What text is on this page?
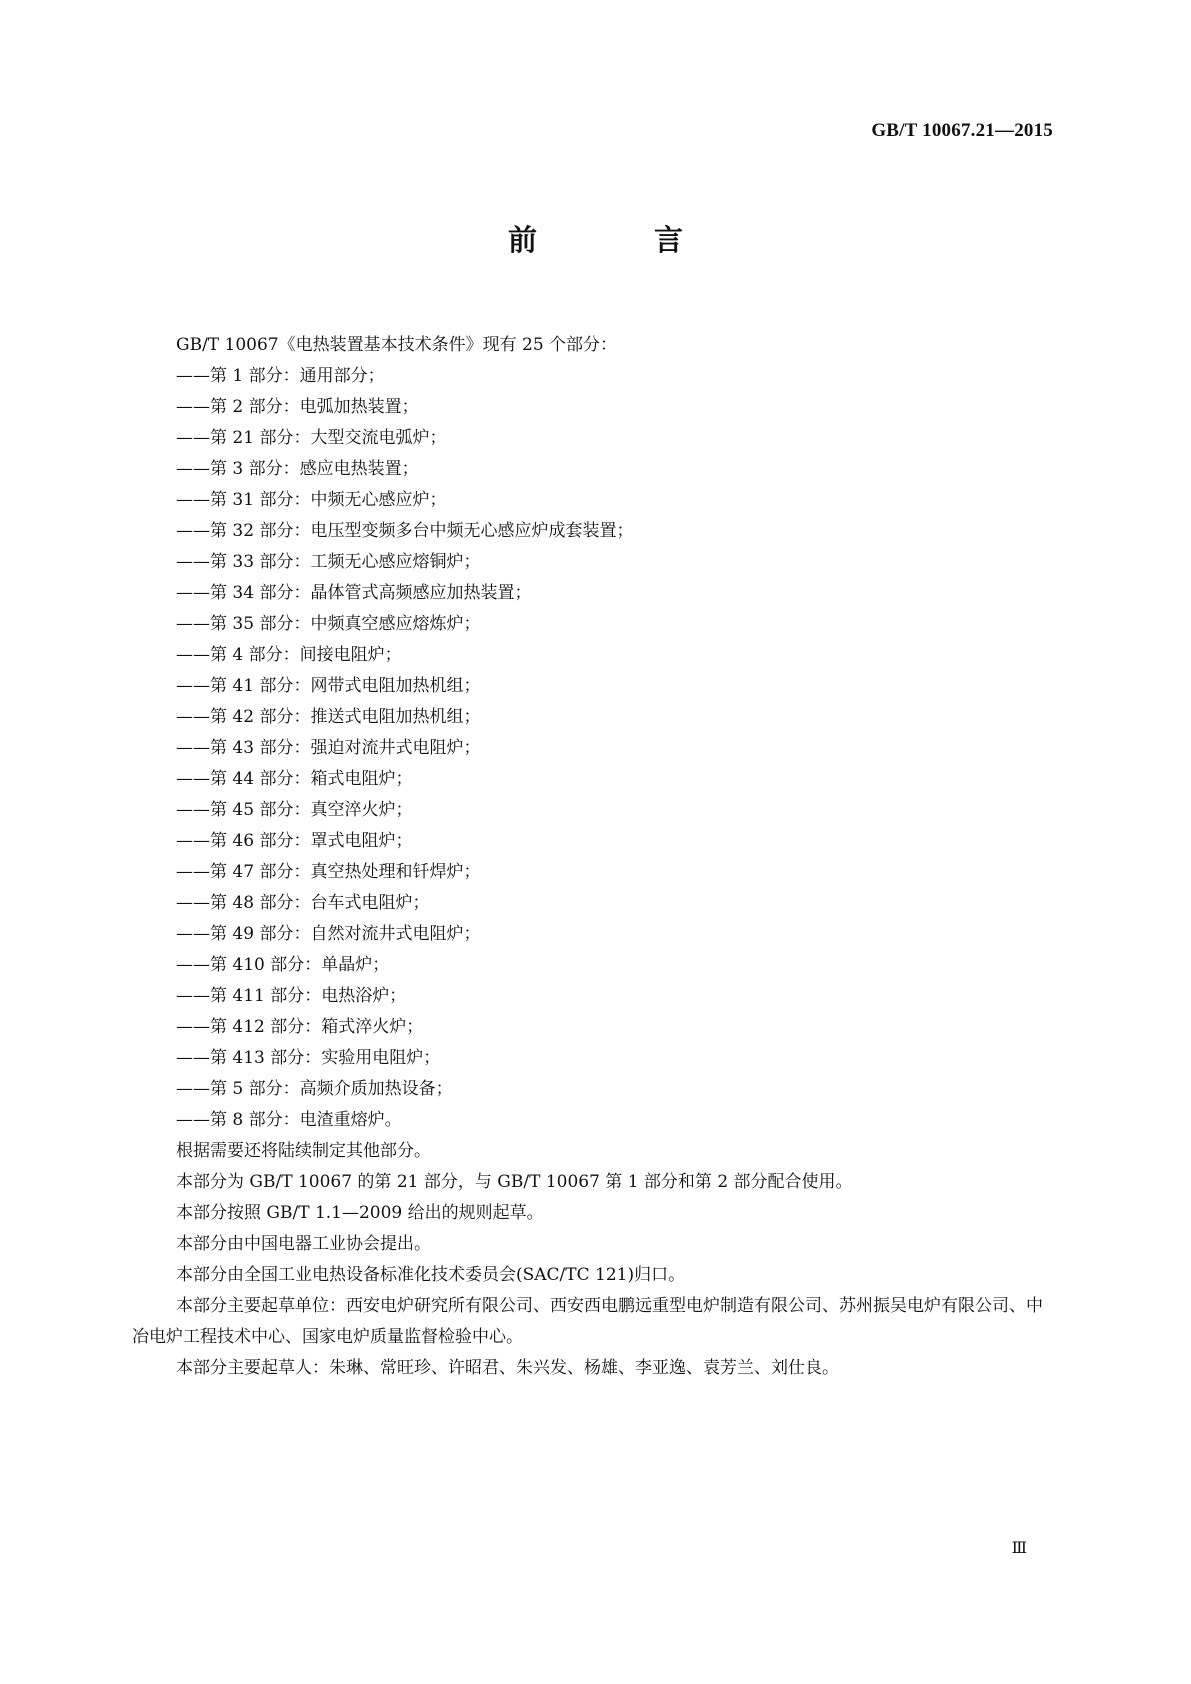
GB/T 10067.21—2015
前　言

GB/T 10067《电热装置基本技术条件》现有 25 个部分：

——第 1 部分：通用部分；

——第 2 部分：电弧加热装置；

——第 21 部分：大型交流电弧炉；

——第 3 部分：感应电热装置；

——第 31 部分：中频无心感应炉；

——第 32 部分：电压型变频多台中频无心感应炉成套装置；

——第 33 部分：工频无心感应熔铜炉；

——第 34 部分：晶体管式高频感应加热装置；

——第 35 部分：中频真空感应熔炼炉；

——第 4 部分：间接电阻炉；

——第 41 部分：网带式电阻加热机组；

——第 42 部分：推送式电阻加热机组；

——第 43 部分：强迫对流井式电阻炉；

——第 44 部分：箱式电阻炉；

——第 45 部分：真空淬火炉；

——第 46 部分：罩式电阻炉；

——第 47 部分：真空热处理和钎焊炉；

——第 48 部分：台车式电阻炉；

——第 49 部分：自然对流井式电阻炉；

——第 410 部分：单晶炉；

——第 411 部分：电热浴炉；

——第 412 部分：箱式淬火炉；

——第 413 部分：实验用电阻炉；

——第 5 部分：高频介质加热设备；

——第 8 部分：电渣重熔炉。

根据需要还将陆续制定其他部分。

本部分为 GB/T 10067 的第 21 部分，与 GB/T 10067 第 1 部分和第 2 部分配合使用。

本部分按照 GB/T 1.1—2009 给出的规则起草。

本部分由中国电器工业协会提出。

本部分由全国工业电热设备标准化技术委员会(SAC/TC 121)归口。

本部分主要起草单位：西安电炉研究所有限公司、西安西电鹏远重型电炉制造有限公司、苏州振吴电炉有限公司、中冶电炉工程技术中心、国家电炉质量监督检验中心。

本部分主要起草人：朱琳、常旺珍、许昭君、朱兴发、杨雄、李亚逸、袁芳兰、刘仕良。

Ⅲ
